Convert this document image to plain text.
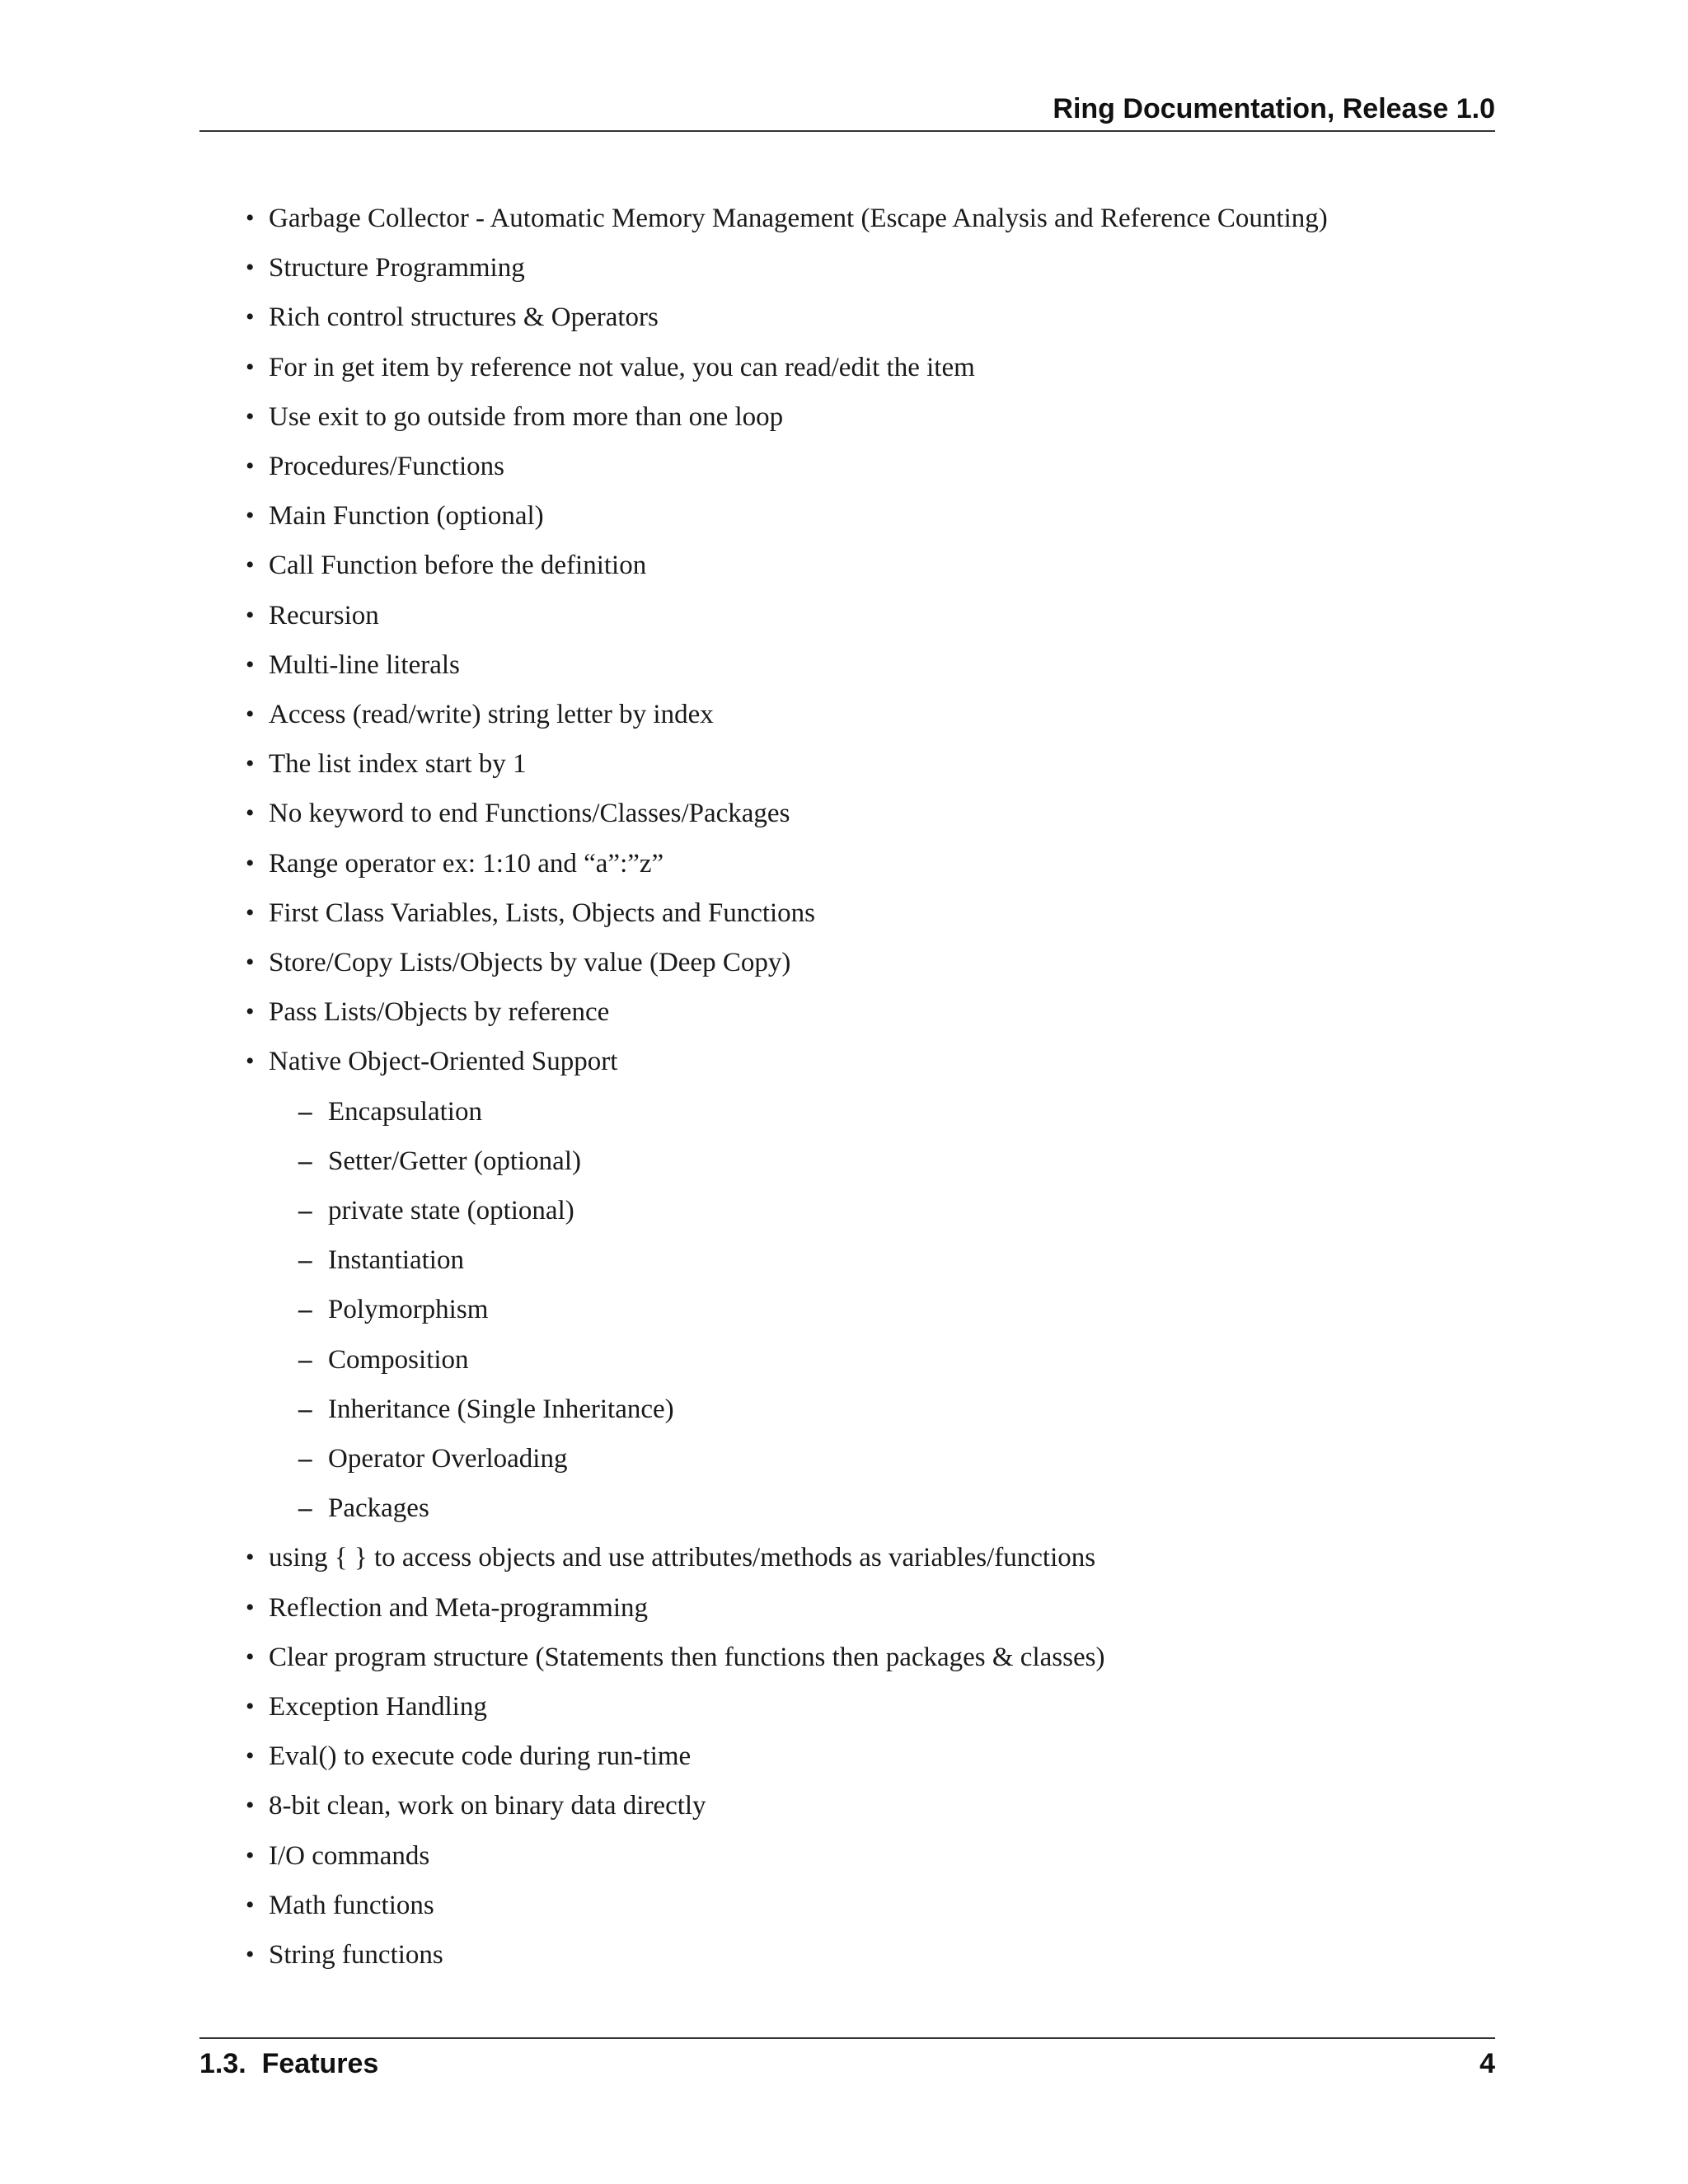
Ring Documentation, Release 1.0
• Garbage Collector - Automatic Memory Management (Escape Analysis and Reference Counting)
• Structure Programming
• Rich control structures & Operators
• For in get item by reference not value, you can read/edit the item
• Use exit to go outside from more than one loop
• Procedures/Functions
• Main Function (optional)
• Call Function before the definition
• Recursion
• Multi-line literals
• Access (read/write) string letter by index
• The list index start by 1
• No keyword to end Functions/Classes/Packages
• Range operator ex: 1:10 and “a”:”z”
• First Class Variables, Lists, Objects and Functions
• Store/Copy Lists/Objects by value (Deep Copy)
• Pass Lists/Objects by reference
• Native Object-Oriented Support
– Encapsulation
– Setter/Getter (optional)
– private state (optional)
– Instantiation
– Polymorphism
– Composition
– Inheritance (Single Inheritance)
– Operator Overloading
– Packages
• using { } to access objects and use attributes/methods as variables/functions
• Reflection and Meta-programming
• Clear program structure (Statements then functions then packages & classes)
• Exception Handling
• Eval() to execute code during run-time
• 8-bit clean, work on binary data directly
• I/O commands
• Math functions
• String functions
1.3.  Features	4
